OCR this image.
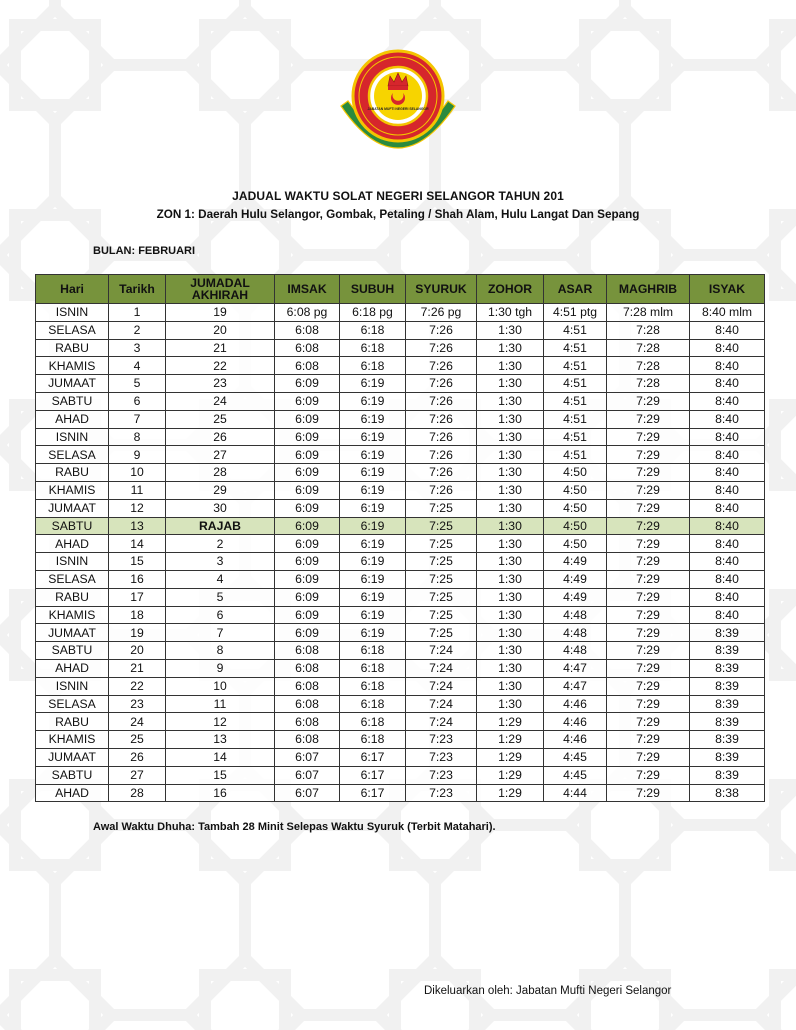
JABATAN MUFTI NEGERI SELANGOR
JADUAL WAKTU SOLAT NEGERI SELANGOR TAHUN 201
ZON 1: Daerah Hulu Selangor, Gombak, Petaling / Shah Alam, Hulu Langat Dan Sepang
BULAN: FEBRUARI
Hari	Tarikh	JUMADAL AKHIRAH	IMSAK	SUBUH	SYURUK	ZOHOR	ASAR	MAGHRIB	ISYAK
ISNIN	1	19	6:08 pg	6:18 pg	7:26 pg	1:30 tgh	4:51 ptg	7:28 mlm	8:40 mlm
SELASA	2	20	6:08	6:18	7:26	1:30	4:51	7:28	8:40
RABU	3	21	6:08	6:18	7:26	1:30	4:51	7:28	8:40
KHAMIS	4	22	6:08	6:18	7:26	1:30	4:51	7:28	8:40
JUMAAT	5	23	6:09	6:19	7:26	1:30	4:51	7:28	8:40
SABTU	6	24	6:09	6:19	7:26	1:30	4:51	7:29	8:40
AHAD	7	25	6:09	6:19	7:26	1:30	4:51	7:29	8:40
ISNIN	8	26	6:09	6:19	7:26	1:30	4:51	7:29	8:40
SELASA	9	27	6:09	6:19	7:26	1:30	4:51	7:29	8:40
RABU	10	28	6:09	6:19	7:26	1:30	4:50	7:29	8:40
KHAMIS	11	29	6:09	6:19	7:26	1:30	4:50	7:29	8:40
JUMAAT	12	30	6:09	6:19	7:25	1:30	4:50	7:29	8:40
SABTU	13	RAJAB	6:09	6:19	7:25	1:30	4:50	7:29	8:40
AHAD	14	2	6:09	6:19	7:25	1:30	4:50	7:29	8:40
ISNIN	15	3	6:09	6:19	7:25	1:30	4:49	7:29	8:40
SELASA	16	4	6:09	6:19	7:25	1:30	4:49	7:29	8:40
RABU	17	5	6:09	6:19	7:25	1:30	4:49	7:29	8:40
KHAMIS	18	6	6:09	6:19	7:25	1:30	4:48	7:29	8:40
JUMAAT	19	7	6:09	6:19	7:25	1:30	4:48	7:29	8:39
SABTU	20	8	6:08	6:18	7:24	1:30	4:48	7:29	8:39
AHAD	21	9	6:08	6:18	7:24	1:30	4:47	7:29	8:39
ISNIN	22	10	6:08	6:18	7:24	1:30	4:47	7:29	8:39
SELASA	23	11	6:08	6:18	7:24	1:30	4:46	7:29	8:39
RABU	24	12	6:08	6:18	7:24	1:29	4:46	7:29	8:39
KHAMIS	25	13	6:08	6:18	7:23	1:29	4:46	7:29	8:39
JUMAAT	26	14	6:07	6:17	7:23	1:29	4:45	7:29	8:39
SABTU	27	15	6:07	6:17	7:23	1:29	4:45	7:29	8:39
AHAD	28	16	6:07	6:17	7:23	1:29	4:44	7:29	8:38
Awal Waktu Dhuha: Tambah 28 Minit Selepas Waktu Syuruk (Terbit Matahari).
Dikeluarkan oleh: Jabatan Mufti Negeri Selangor
